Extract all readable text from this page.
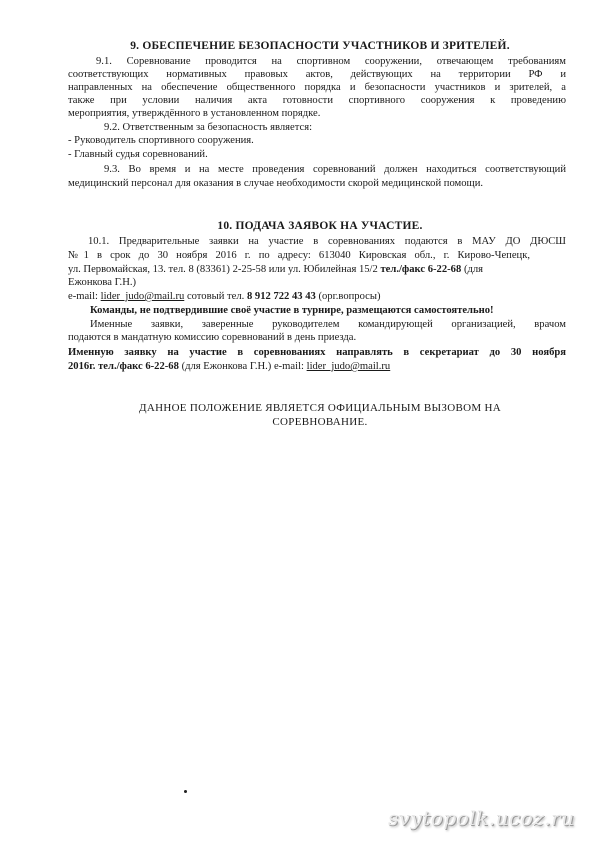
9. ОБЕСПЕЧЕНИЕ БЕЗОПАСНОСТИ УЧАСТНИКОВ И ЗРИТЕЛЕЙ.
9.1. Соревнование проводится на спортивном сооружении, отвечающем требованиям
соответствующих нормативных правовых актов, действующих на территории РФ и
направленных на обеспечение общественного порядка и безопасности участников и зрителей, а
также при условии наличия акта готовности спортивного сооружения к проведению
мероприятия, утверждённого в установленном порядке.
9.2. Ответственным за безопасность является:
- Руководитель спортивного сооружения.
- Главный судья соревнований.
9.3. Во время и на месте проведения соревнований должен находиться соответствующий
медицинский персонал для оказания в случае необходимости скорой медицинской помощи.
10. ПОДАЧА ЗАЯВОК НА УЧАСТИЕ.
10.1. Предварительные заявки на участие в соревнованиях подаются в МАУ ДО ДЮСШ
№1 в срок до 30 ноября 2016 г. по адресу: 613040 Кировская обл., г. Кирово-Чепецк,
ул. Первомайская, 13. тел. 8 (83361) 2-25-58 или ул. Юбилейная 15/2 тел./факс 6-22-68 (для
Ежонкова Г.Н.)
e-mail: lider_judo@mail.ru сотовый тел. 8 912 722 43 43 (орг.вопросы)
Команды, не подтвердившие своё участие в турнире, размещаются самостоятельно!
Именные заявки, заверенные руководителем командирующей организацией, врачом
подаются в мандатную комиссию соревнований в день приезда.
Именную заявку на участие в соревнованиях направлять в секретариат до 30 ноября
2016г. тел./факс 6-22-68 (для Ежонкова Г.Н.) e-mail: lider_judo@mail.ru
ДАННОЕ ПОЛОЖЕНИЕ ЯВЛЯЕТСЯ ОФИЦИАЛЬНЫМ ВЫЗОВОМ НА
СОРЕВНОВАНИЕ.
svytopolk.ucoz.ru
